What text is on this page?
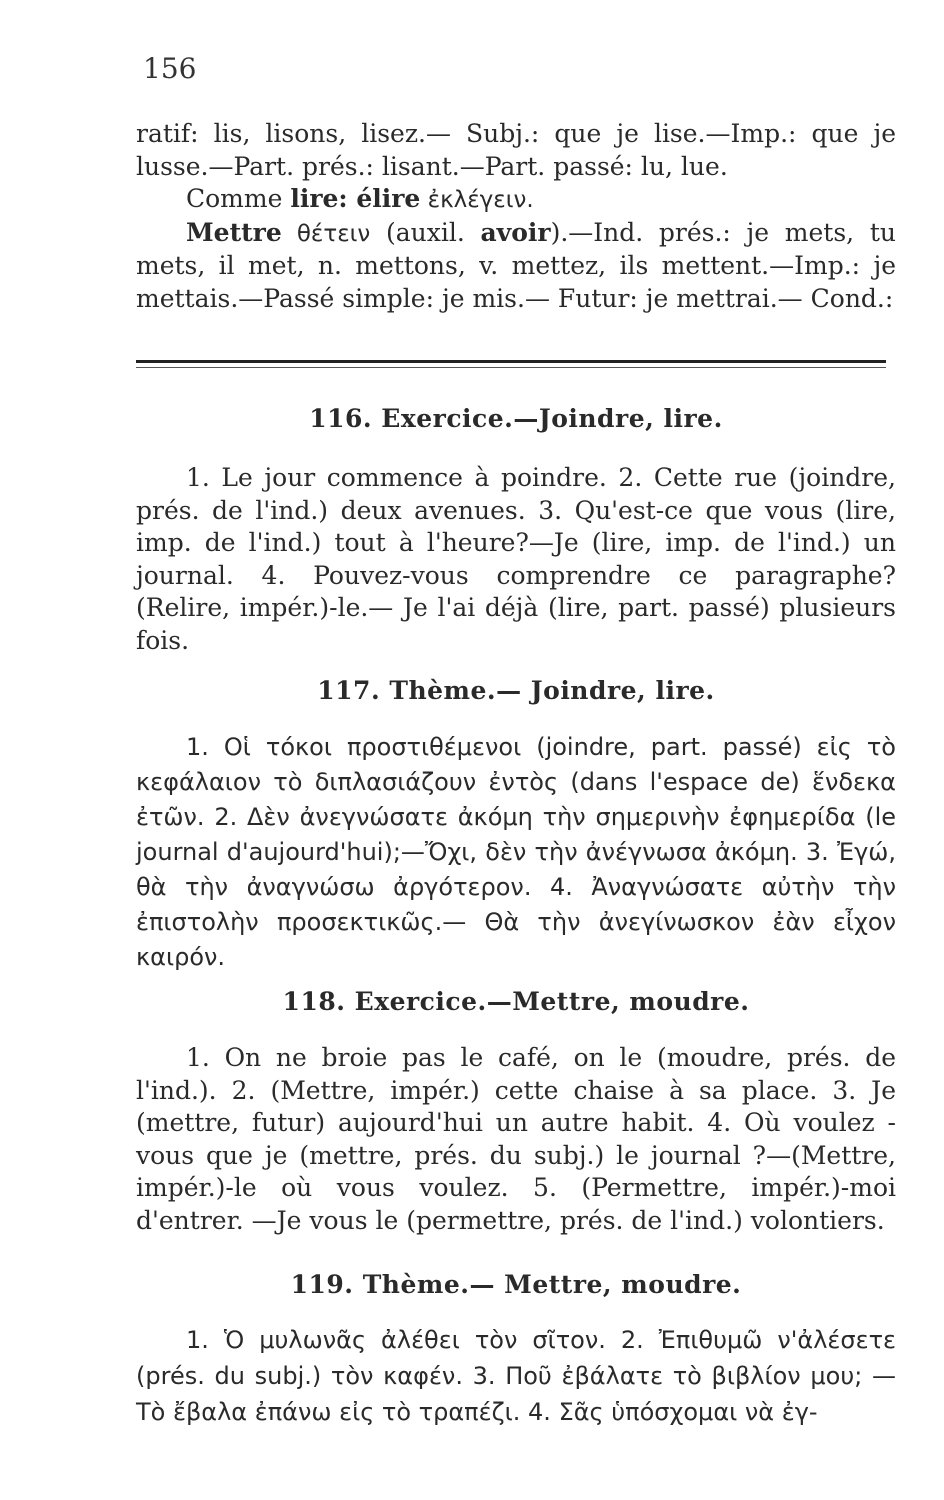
156

ratif: lis, lisons, lisez.— Subj.: que je lise.—Imp.: que je lusse.—Part. prés.: lisant.—Part. passé: lu, lue.

Comme lire: élire ἐκλέγειν.

Mettre θέτειν (auxil. avoir).—Ind. prés.: je mets, tu mets, il met, n. mettons, v. mettez, ils mettent.—Imp.: je mettais.—Passé simple: je mis.— Futur: je mettrai.— Cond.:

116. Exercice.—Joindre, lire.

1. Le jour commence à poindre. 2. Cette rue (joindre, prés. de l'ind.) deux avenues. 3. Qu'est-ce que vous (lire, imp. de l'ind.) tout à l'heure?—Je (lire, imp. de l'ind.) un journal. 4. Pouvez-vous comprendre ce paragraphe? (Relire, impér.)-le.— Je l'ai déjà (lire, part. passé) plusieurs fois.

117. Thème.— Joindre, lire.

1. Οἱ τόκοι προστιθέμενοι (joindre, part. passé) εἰς τὸ κεφάλαιον τὸ διπλασιάζουν ἐντὸς (dans l'espace de) ἕνδεκα ἐτῶν. 2. Δὲν ἀνεγνώσατε ἀκόμη τὴν σημερινὴν ἐφημερίδα (le journal d'aujourd'hui);—Ὄχι, δὲν τὴν ἀνέγνωσα ἀκόμη. 3. Ἐγώ, θὰ τὴν ἀναγνώσω ἀργότερον. 4. Ἀναγνώσατε αὐτὴν τὴν ἐπιστολὴν προσεκτικῶς.— Θὰ τὴν ἀνεγίνωσκον ἐὰν εἶχον καιρόν.

118. Exercice.—Mettre, moudre.

1. On ne broie pas le café, on le (moudre, prés. de l'ind.). 2. (Mettre, impér.) cette chaise à sa place. 3. Je (mettre, futur) aujourd'hui un autre habit. 4. Où voulez -vous que je (mettre, prés. du subj.) le journal ?—(Mettre, impér.)-le où vous voulez. 5. (Permettre, impér.)-moi d'entrer. —Je vous le (permettre, prés. de l'ind.) volontiers.

119. Thème.— Mettre, moudre.

1. Ὁ μυλωνᾶς ἀλέθει τὸν σῖτον. 2. Ἐπιθυμῶ ν'ἀλέσετε (prés. du subj.) τὸν καφέν. 3. Ποῦ ἐβάλατε τὸ βιβλίον μου; —Τὸ ἔβαλα ἐπάνω εἰς τὸ τραπέζι. 4. Σᾶς ὑπόσχομαι νὰ ἐγ-
